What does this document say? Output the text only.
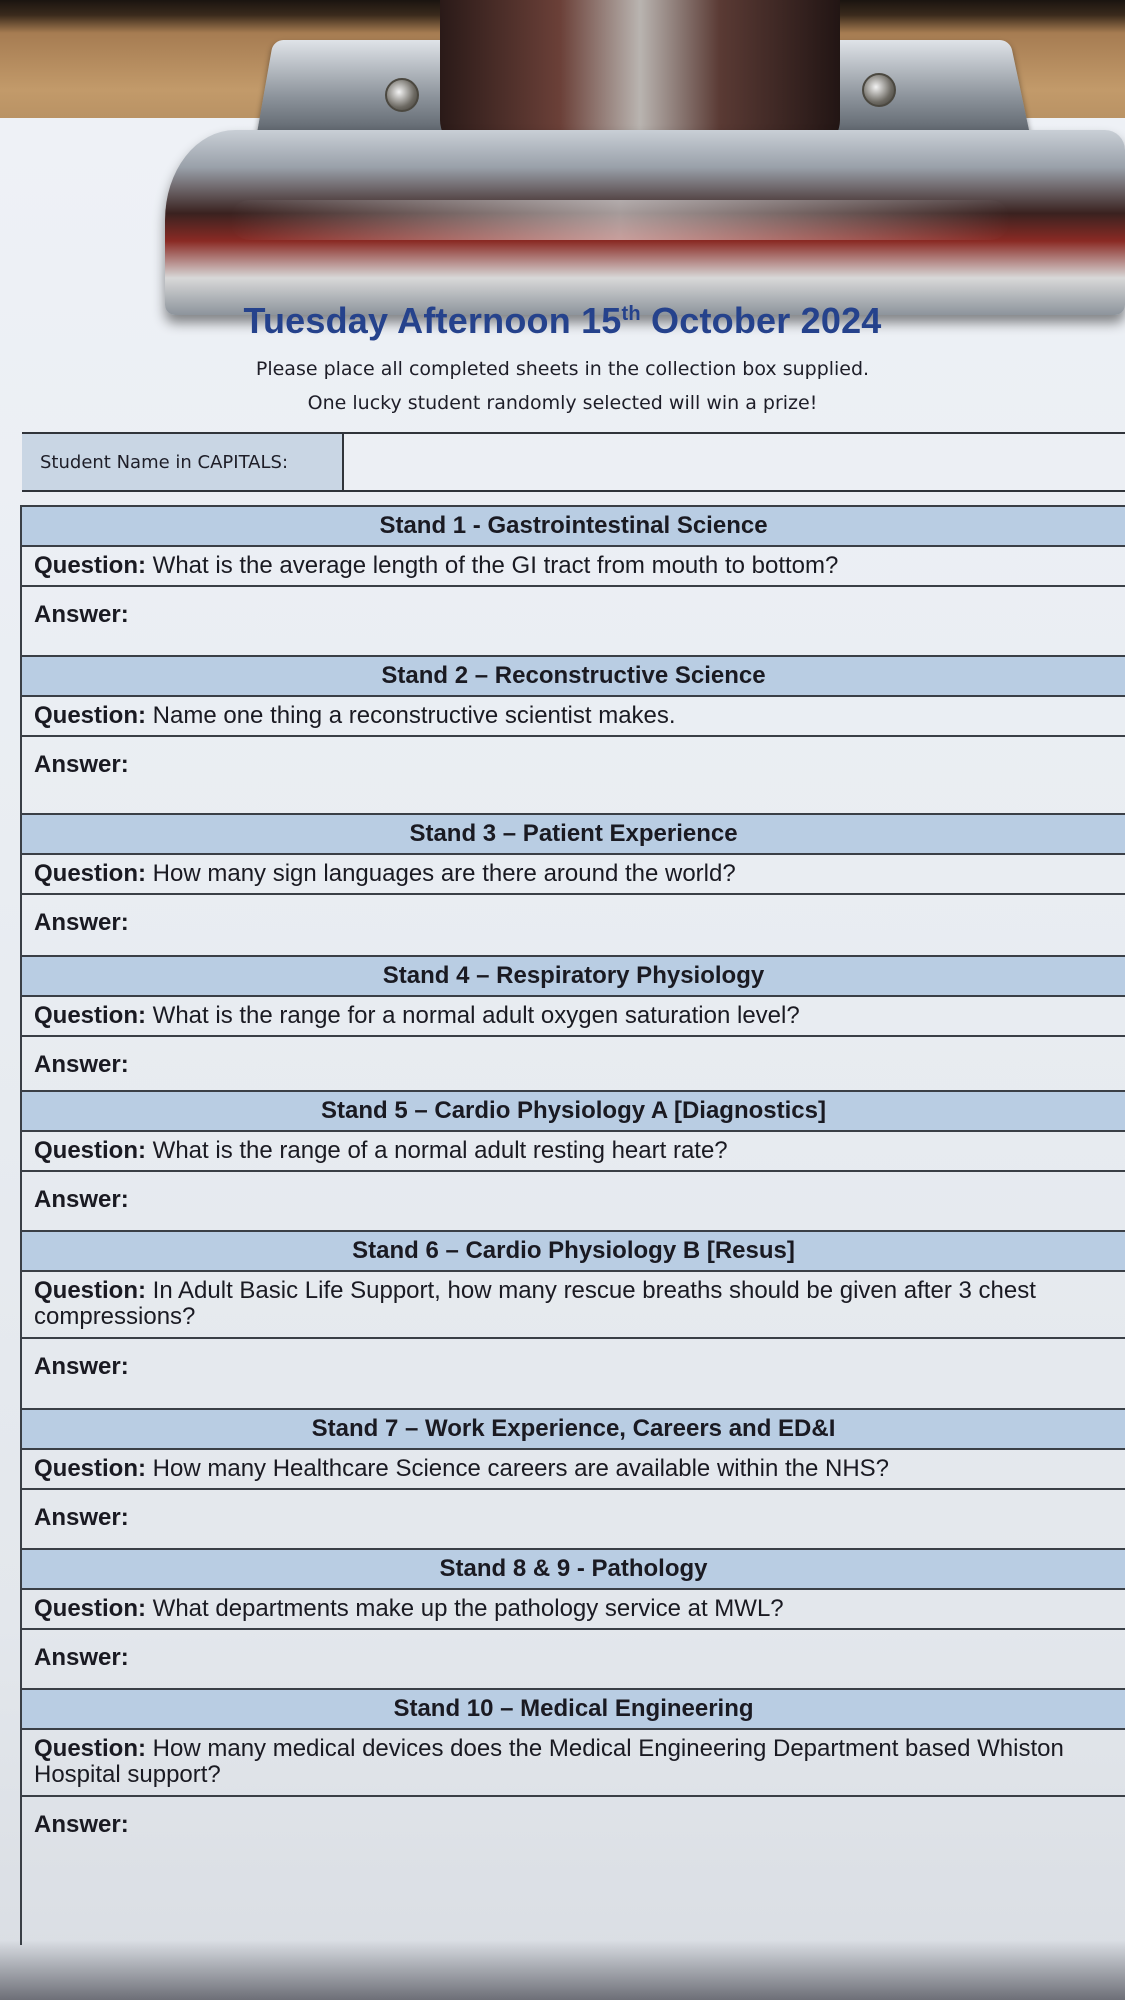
Tuesday Afternoon 15th October 2024
Please place all completed sheets in the collection box supplied.
One lucky student randomly selected will win a prize!
Student Name in CAPITALS:
Stand 1 - Gastrointestinal Science
Question: What is the average length of the GI tract from mouth to bottom?
Answer:
Stand 2 – Reconstructive Science
Question: Name one thing a reconstructive scientist makes.
Answer:
Stand 3 – Patient Experience
Question: How many sign languages are there around the world?
Answer:
Stand 4 – Respiratory Physiology
Question: What is the range for a normal adult oxygen saturation level?
Answer:
Stand 5 – Cardio Physiology A [Diagnostics]
Question: What is the range of a normal adult resting heart rate?
Answer:
Stand 6 – Cardio Physiology B [Resus]
Question: In Adult Basic Life Support, how many rescue breaths should be given after 3 chest compressions?
Answer:
Stand 7 – Work Experience, Careers and ED&I
Question: How many Healthcare Science careers are available within the NHS?
Answer:
Stand 8 & 9 - Pathology
Question: What departments make up the pathology service at MWL?
Answer:
Stand 10 – Medical Engineering
Question: How many medical devices does the Medical Engineering Department based Whiston Hospital support?
Answer:
